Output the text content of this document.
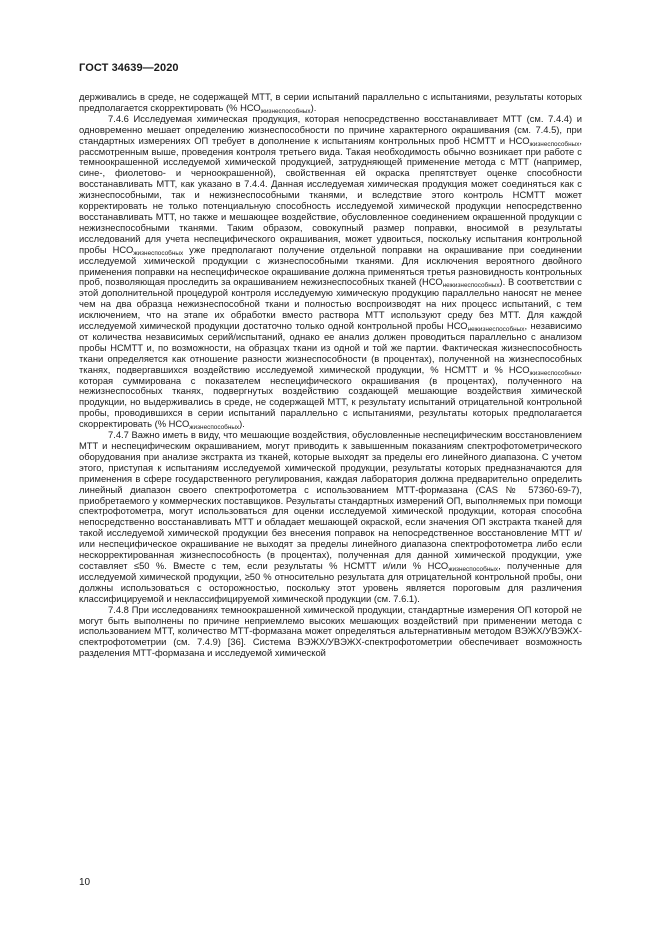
ГОСТ 34639—2020

держивались в среде, не содержащей МТТ, в серии испытаний параллельно с испытаниями, результаты которых предполагается скорректировать (% $НСО_{жизнеспособных}$).

7.4.6 Исследуемая химическая продукция, которая непосредственно восстанавливает МТТ (см. 7.4.4) и одновременно мешает определению жизнеспособности по причине характерного окрашивания (см. 7.4.5), при стандартных измерениях ОП требует в дополнение к испытаниям контрольных проб НСМТТ и $НСО_{жизнеспособных}$, рассмотренным выше, проведения контроля третьего вида. Такая необходимость обычно возникает при работе с темноокрашенной исследуемой химической продукцией, затрудняющей применение метода с МТТ (например, сине-, фиолетово- и черноокрашенной), свойственная ей окраска препятствует оценке способности восстанавливать МТТ, как указано в 7.4.4. Данная исследуемая химическая продукция может соединяться как с жизнеспособными, так и нежизнеспособными тканями, и вследствие этого контроль НСМТТ может корректировать не только потенциальную способность исследуемой химической продукции непосредственно восстанавливать МТТ, но также и мешающее воздействие, обусловленное соединением окрашенной продукции с нежизнеспособными тканями. Таким образом, совокупный размер поправки, вносимой в результаты исследований для учета неспецифического окрашивания, может удвоиться, поскольку испытания контрольной пробы $НСО_{жизнеспособных}$ уже предполагают получение отдельной поправки на окрашивание при соединении исследуемой химической продукции с жизнеспособными тканями. Для исключения вероятного двойного применения поправки на неспецифическое окрашивание должна применяться третья разновидность контрольных проб, позволяющая проследить за окрашиванием нежизнеспособных тканей $(НСО_{нежизнеспособных})$. В соответствии с этой дополнительной процедурой контроля исследуемую химическую продукцию параллельно наносят не менее чем на два образца нежизнеспособной ткани и полностью воспроизводят на них процесс испытаний, с тем исключением, что на этапе их обработки вместо раствора МТТ используют среду без МТТ. Для каждой исследуемой химической продукции достаточно только одной контрольной пробы $НСО_{нежизнеспособных}$, независимо от количества независимых серий/испытаний, однако ее анализ должен проводиться параллельно с анализом пробы НСМТТ и, по возможности, на образцах ткани из одной и той же партии. Фактическая жизнеспособность ткани определяется как отношение разности жизнеспособности (в процентах), полученной на жизнеспособных тканях, подвергавшихся воздействию исследуемой химической продукции, % НСМТТ и % $НСО_{жизнеспособных}$, которая суммирована с показателем неспецифического окрашивания (в процентах), полученного на нежизнеспособных тканях, подвергнутых воздействию создающей мешающие воздействия химической продукции, но выдерживались в среде, не содержащей МТТ, к результату испытаний отрицательной контрольной пробы, проводившихся в серии испытаний параллельно с испытаниями, результаты которых предполагается скорректировать (% $НСО_{жизнеспособных}$).

7.4.7 Важно иметь в виду, что мешающие воздействия, обусловленные неспецифическим восстановлением МТТ и неспецифическим окрашиванием, могут приводить к завышенным показаниям спектрофотометрического оборудования при анализе экстракта из тканей, которые выходят за пределы его линейного диапазона. С учетом этого, приступая к испытаниям исследуемой химической продукции, результаты которых предназначаются для применения в сфере государственного регулирования, каждая лаборатория должна предварительно определить линейный диапазон своего спектрофотометра с использованием МТТ-формазана (CAS № 57360-69-7), приобретаемого у коммерческих поставщиков. Результаты стандартных измерений ОП, выполняемых при помощи спектрофотометра, могут использоваться для оценки исследуемой химической продукции, которая способна непосредственно восстанавливать МТТ и обладает мешающей окраской, если значения ОП экстракта тканей для такой исследуемой химической продукции без внесения поправок на непосредственное восстановление МТТ и/или неспецифическое окрашивание не выходят за пределы линейного диапазона спектрофотометра либо если нескорректированная жизнеспособность (в процентах), полученная для данной химической продукции, уже составляет ≤50 %. Вместе с тем, если результаты % НСМТТ и/или % $НСО_{жизнеспособных}$, полученные для исследуемой химической продукции, ≥50 % относительно результата для отрицательной контрольной пробы, они должны использоваться с осторожностью, поскольку этот уровень является пороговым для различения классифицируемой и неклассифицируемой химической продукции (см. 7.6.1).

7.4.8 При исследованиях темноокрашенной химической продукции, стандартные измерения ОП которой не могут быть выполнены по причине неприемлемо высоких мешающих воздействий при применении метода с использованием МТТ, количество МТТ-формазана может определяться альтернативным методом ВЭЖХ/УВЭЖХ-спектрофотометрии (см. 7.4.9) [36]. Система ВЭЖХ/УВЭЖХ-спектрофотометрии обеспечивает возможность разделения МТТ-формазана и исследуемой химической

10
